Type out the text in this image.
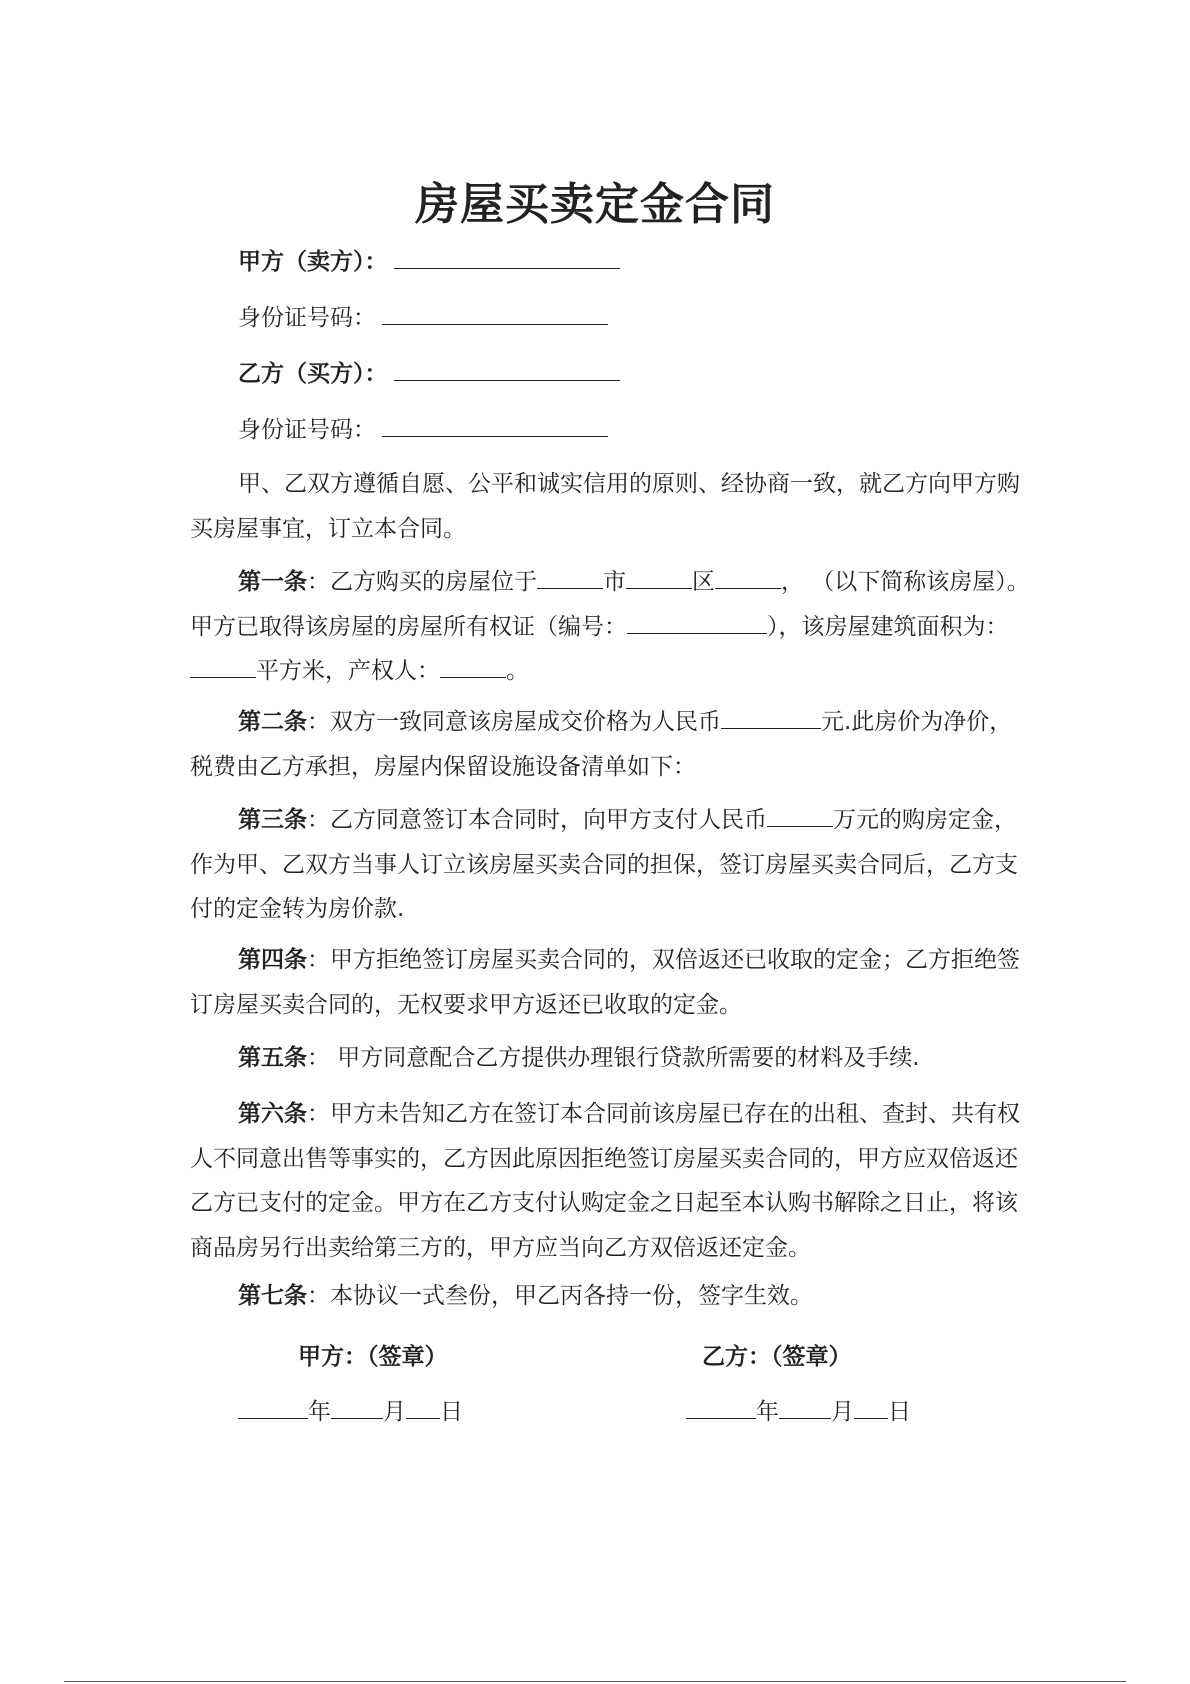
房屋买卖定金合同
甲方（卖方）：
身份证号码：
乙方（买方）：
身份证号码：

甲、乙双方遵循自愿、公平和诚实信用的原则、经协商一致，就乙方向甲方购买房屋事宜，订立本合同。

第一条：乙方购买的房屋位于	市	区	， （以下简称该房屋）。甲方已取得该房屋的房屋所有权证（编号：	），该房屋建筑面积为：平方米，产权人：	。

第二条：双方一致同意该房屋成交价格为人民币	元.此房价为净价，税费由乙方承担，房屋内保留设施设备清单如下：

第三条：乙方同意签订本合同时，向甲方支付人民币	万元的购房定金，作为甲、乙双方当事人订立该房屋买卖合同的担保，签订房屋买卖合同后，乙方支付的定金转为房价款.

第四条：甲方拒绝签订房屋买卖合同的，双倍返还已收取的定金；乙方拒绝签订房屋买卖合同的，无权要求甲方返还已收取的定金。

第五条： 甲方同意配合乙方提供办理银行贷款所需要的材料及手续.

第六条：甲方未告知乙方在签订本合同前该房屋已存在的出租、查封、共有权人不同意出售等事实的，乙方因此原因拒绝签订房屋买卖合同的，甲方应双倍返还乙方已支付的定金。甲方在乙方支付认购定金之日起至本认购书解除之日止，将该商品房另行出卖给第三方的，甲方应当向乙方双倍返还定金。

第七条：本协议一式叁份，甲乙丙各持一份，签字生效。

甲方：（签章）	乙方：（签章）
年 月 日	年 月 日
